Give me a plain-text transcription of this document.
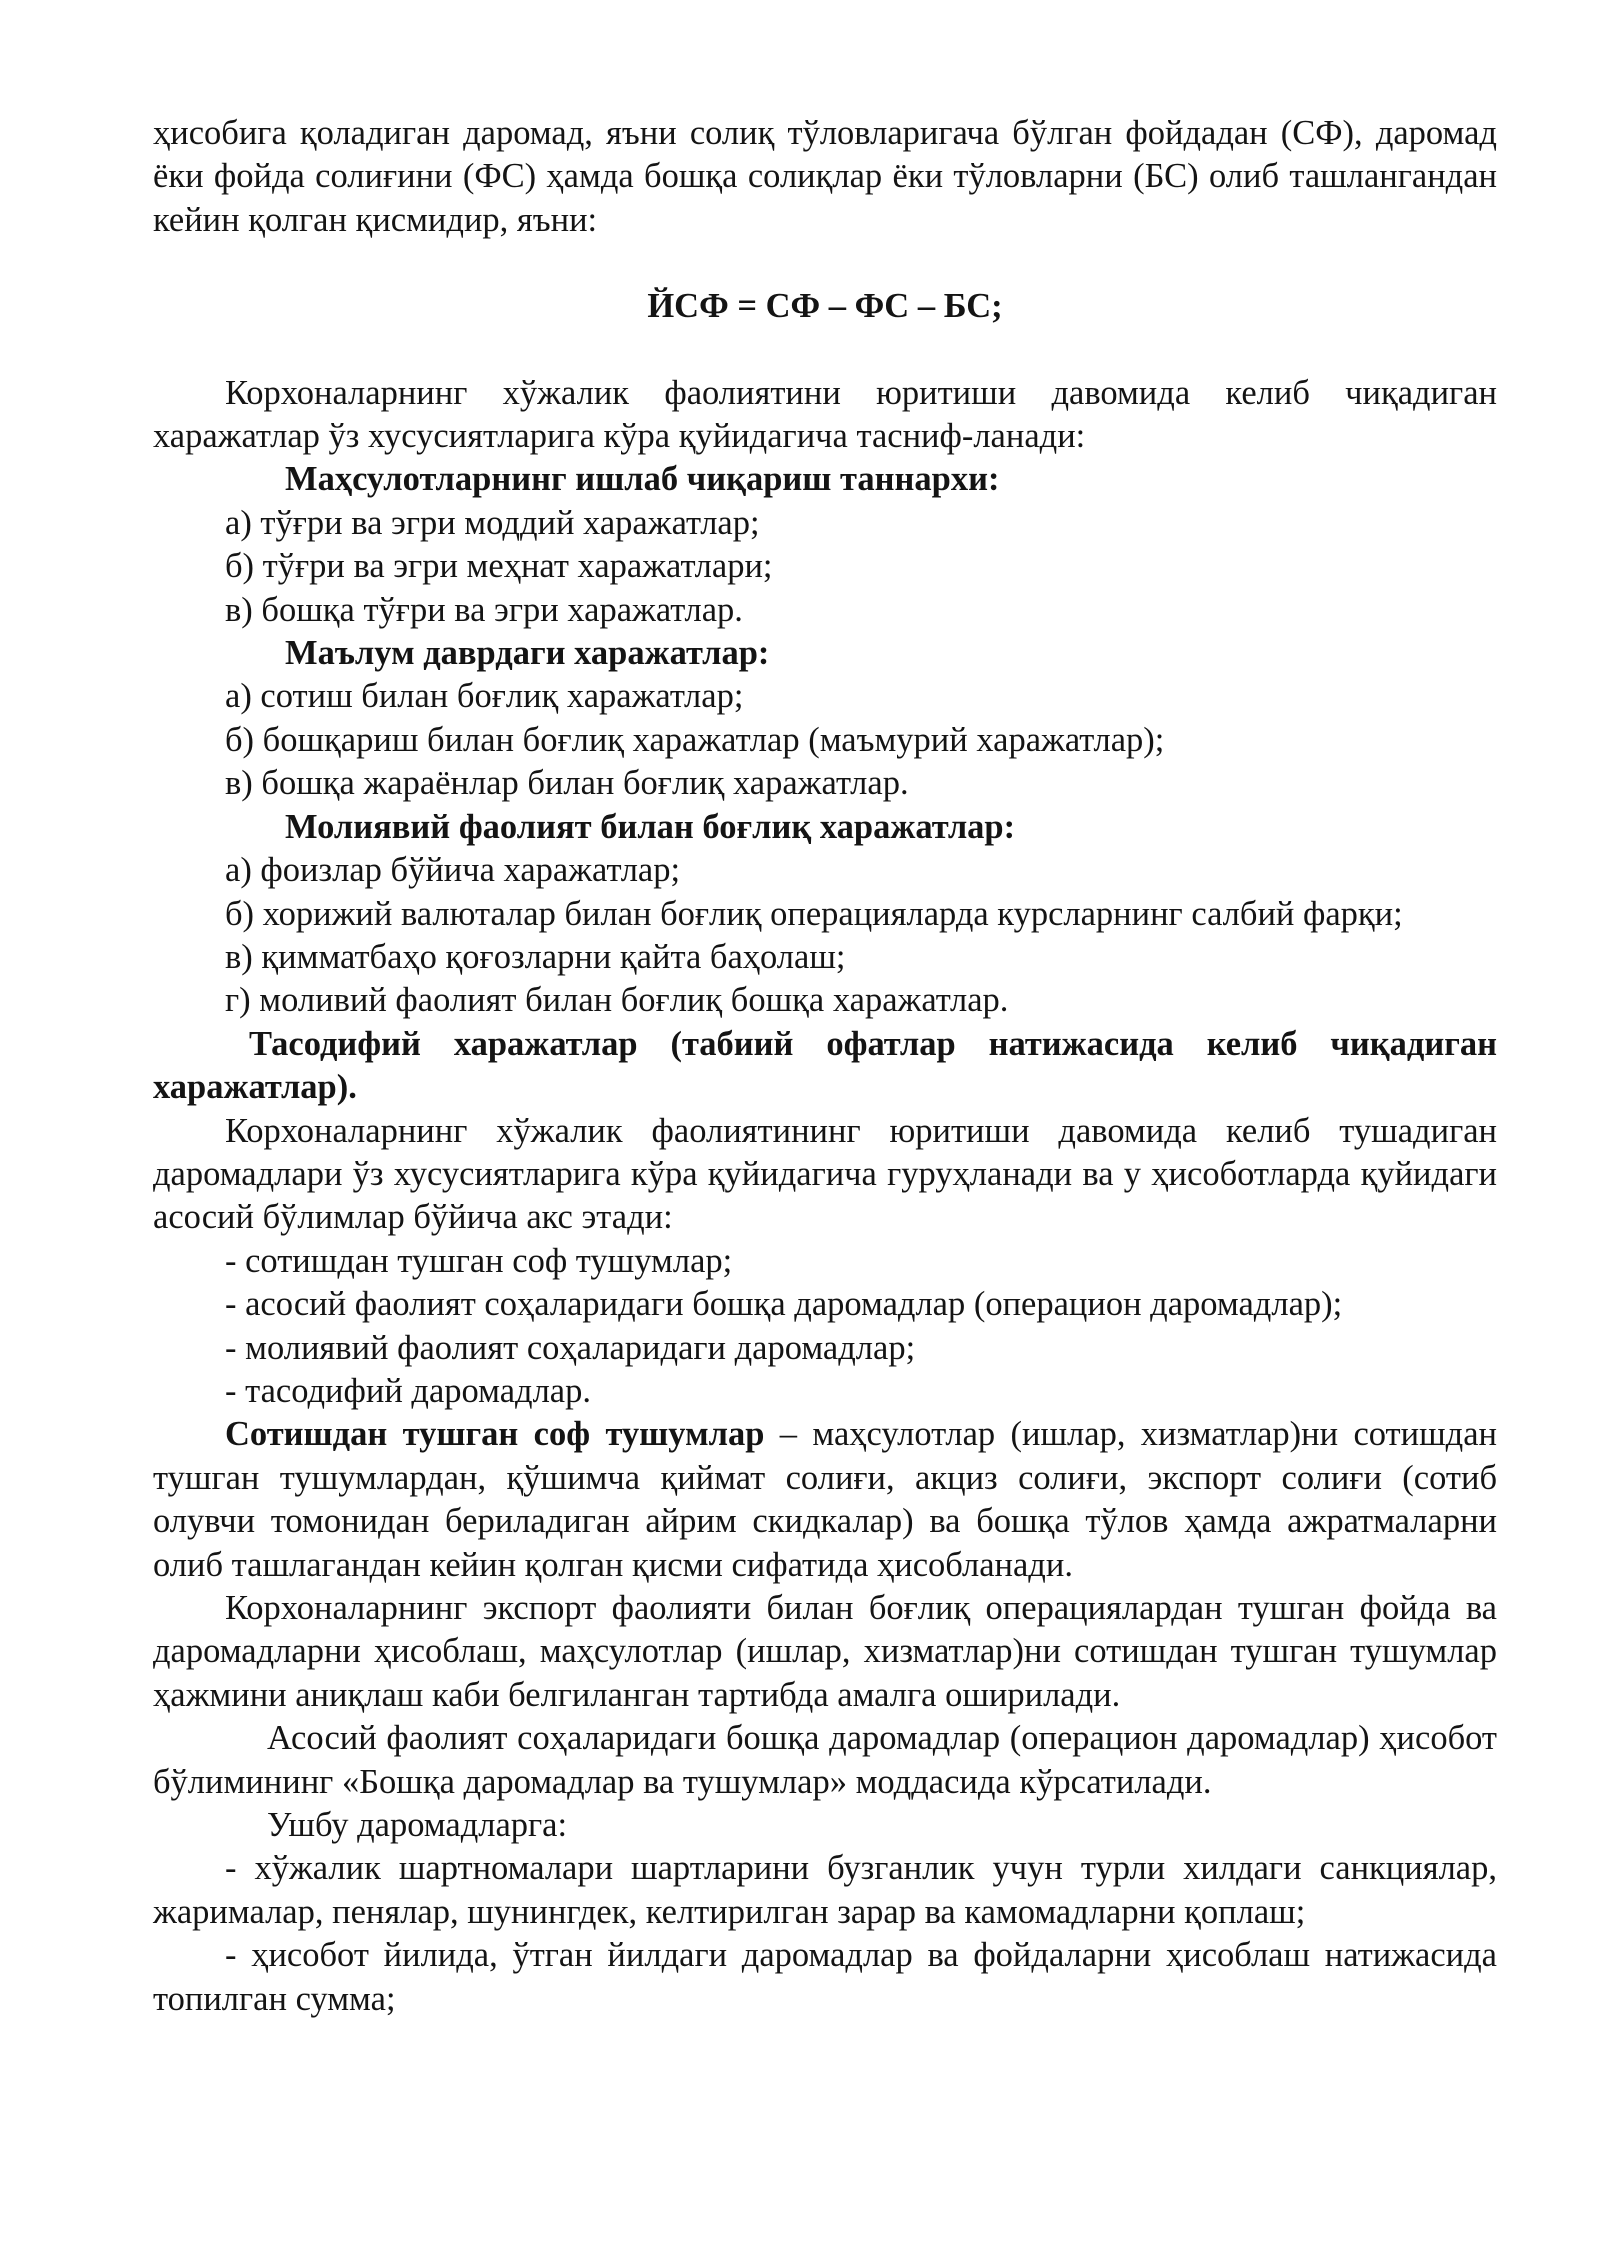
ҳисобига қоладиган даромад, яъни солиқ тўловларигача бўлган фойдадан (СФ), даромад ёки фойда солиғини (ФС) ҳамда бошқа солиқлар ёки тўловларни (БС) олиб ташлангандан кейин қолган қисмидир, яъни:

ЙСФ = СФ – ФС – БС;

Корхоналарнинг хўжалик фаолиятини юритиши давомида келиб чиқадиган харажатлар ўз хусусиятларига кўра қуйидагича тасниф-ланади:

Маҳсулотларнинг ишлаб чиқариш таннархи:

а) тўғри ва эгри моддий харажатлар;

б) тўғри ва эгри меҳнат харажатлари;

в) бошқа тўғри ва эгри харажатлар.

Маълум даврдаги харажатлар:

а) сотиш билан боғлиқ харажатлар;

б) бошқариш билан боғлиқ харажатлар (маъмурий харажатлар);

в) бошқа жараёнлар билан боғлиқ харажатлар.

Молиявий фаолият билан боғлиқ харажатлар:

а) фоизлар бўйича харажатлар;

б) хорижий валюталар билан боғлиқ операцияларда курсларнинг салбий фарқи;

в) қимматбаҳо қоғозларни қайта баҳолаш;

г) моливий фаолият билан боғлиқ бошқа харажатлар.

Тасодифий харажатлар (табиий офатлар натижасида келиб чиқадиган харажатлар).

Корхоналарнинг хўжалик фаолиятининг юритиши давомида келиб тушадиган даромадлари ўз хусусиятларига кўра қуйидагича гуруҳланади ва у ҳисоботларда қуйидаги асосий бўлимлар бўйича акс этади:

- сотишдан тушган соф тушумлар;

- асосий фаолият соҳаларидаги бошқа даромадлар (операцион даромадлар);

- молиявий фаолият соҳаларидаги даромадлар;

- тасодифий даромадлар.

Сотишдан тушган соф тушумлар – маҳсулотлар (ишлар, хизматлар)ни сотишдан тушган тушумлардан, қўшимча қиймат солиғи, акциз солиғи, экспорт солиғи (сотиб олувчи томонидан бериладиган айрим скидкалар) ва бошқа тўлов ҳамда ажратмаларни олиб ташлагандан кейин қолган қисми сифатида ҳисобланади.

Корхоналарнинг экспорт фаолияти билан боғлиқ операциялардан тушган фойда ва даромадларни ҳисоблаш, маҳсулотлар (ишлар, хизматлар)ни сотишдан тушган тушумлар ҳажмини аниқлаш каби белгиланган тартибда амалга оширилади.

Асосий фаолият соҳаларидаги бошқа даромадлар (операцион даромадлар) ҳисобот бўлимининг «Бошқа даромадлар ва тушумлар» моддасида кўрсатилади.

Ушбу даромадларга:

- хўжалик шартномалари шартларини бузганлик учун турли хилдаги санкциялар, жарималар, пенялар, шунингдек, келтирилган зарар ва камомадларни қоплаш;

- ҳисобот йилида, ўтган йилдаги даромадлар ва фойдаларни ҳисоблаш натижасида топилган сумма;
